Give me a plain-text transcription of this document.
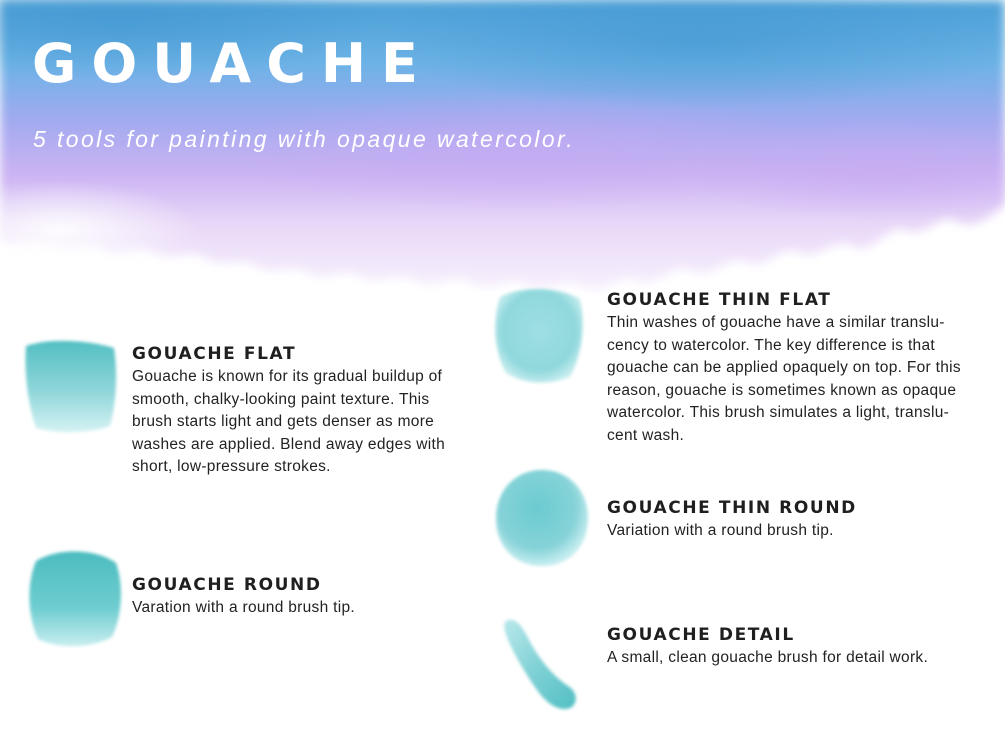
GOUACHE

5 tools for painting with opaque watercolor.

GOUACHE FLAT

Gouache is known for its gradual buildup of smooth, chalky-looking paint texture. This brush starts light and gets denser as more washes are applied. Blend away edges with short, low-pressure strokes.

GOUACHE ROUND

Varation with a round brush tip.

GOUACHE THIN FLAT

Thin washes of gouache have a similar translu- cency to watercolor. The key difference is that gouache can be applied opaquely on top. For this reason, gouache is sometimes known as opaque watercolor. This brush simulates a light, translu- cent wash.

GOUACHE THIN ROUND

Variation with a round brush tip.

GOUACHE DETAIL

A small, clean gouache brush for detail work.
